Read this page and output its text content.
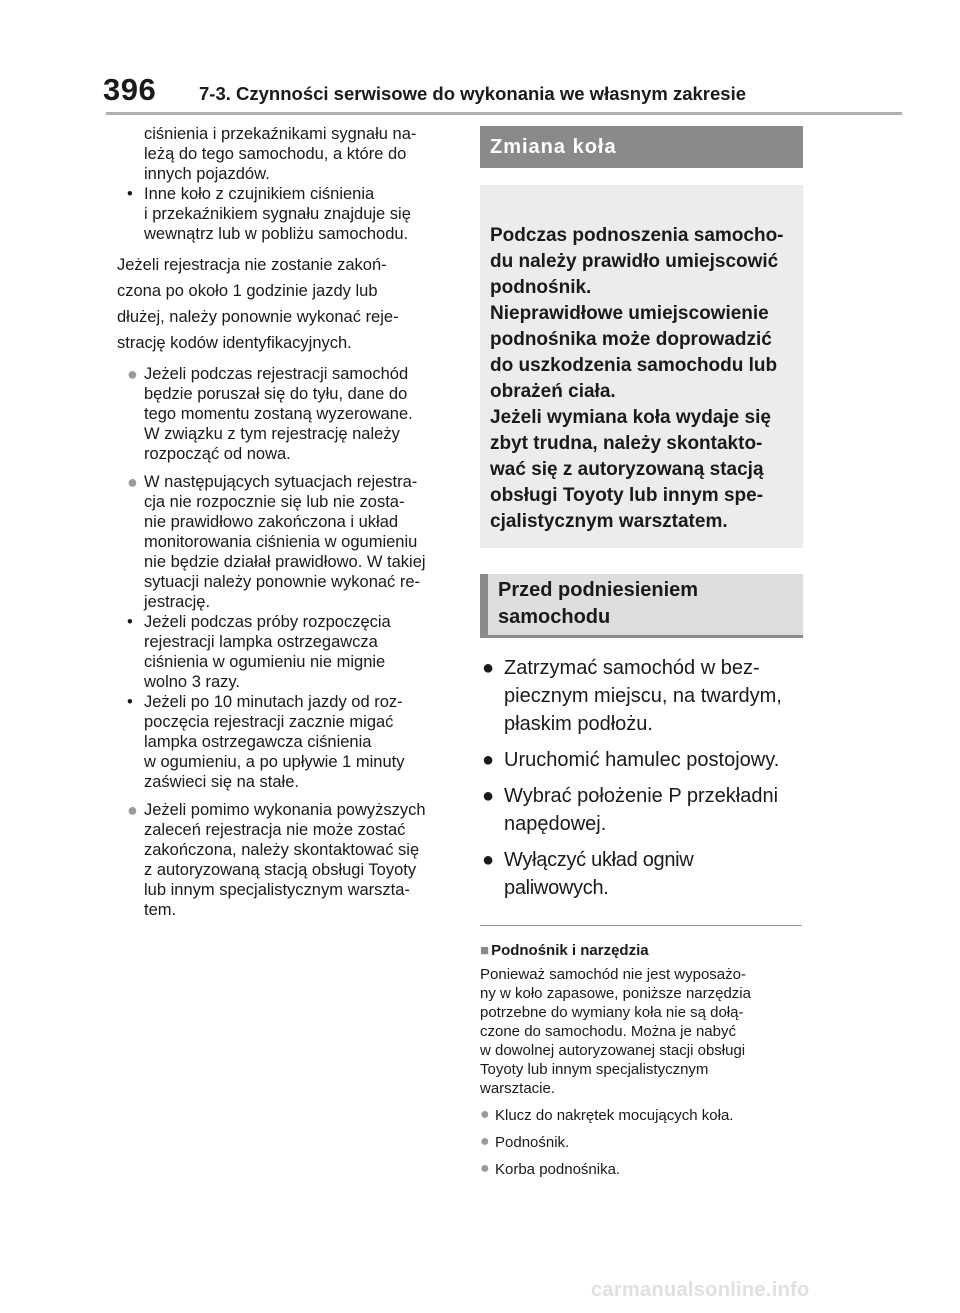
396 7-3. Czynności serwisowe do wykonania we własnym zakresie
ciśnienia i przekaźnikami sygnału na-
leżą do tego samochodu, a które do
innych pojazdów.
• Inne koło z czujnikiem ciśnienia
i przekaźnikiem sygnału znajduje się
wewnątrz lub w pobliżu samochodu.
Jeżeli rejestracja nie zostanie zakoń-
czona po około 1 godzinie jazdy lub
dłużej, należy ponownie wykonać reje-
strację kodów identyfikacyjnych.
● Jeżeli podczas rejestracji samochód
będzie poruszał się do tyłu, dane do
tego momentu zostaną wyzerowane.
W związku z tym rejestrację należy
rozpocząć od nowa.
● W następujących sytuacjach rejestra-
cja nie rozpocznie się lub nie zosta-
nie prawidłowo zakończona i układ
monitorowania ciśnienia w ogumieniu
nie będzie działał prawidłowo. W takiej
sytuacji należy ponownie wykonać re-
jestrację.
• Jeżeli podczas próby rozpoczęcia
rejestracji lampka ostrzegawcza
ciśnienia w ogumieniu nie mignie
wolno 3 razy.
• Jeżeli po 10 minutach jazdy od roz-
poczęcia rejestracji zacznie migać
lampka ostrzegawcza ciśnienia
w ogumieniu, a po upływie 1 minuty
zaświeci się na stałe.
● Jeżeli pomimo wykonania powyższych
zaleceń rejestracja nie może zostać
zakończona, należy skontaktować się
z autoryzowaną stacją obsługi Toyoty
lub innym specjalistycznym warszta-
tem.
Zmiana koła
Podczas podnoszenia samocho-
du należy prawidło umiejscowić
podnośnik.
Nieprawidłowe umiejscowienie
podnośnika może doprowadzić
do uszkodzenia samochodu lub
obrażeń ciała.
Jeżeli wymiana koła wydaje się
zbyt trudna, należy skontakto-
wać się z autoryzowaną stacją
obsługi Toyoty lub innym spe-
cjalistycznym warsztatem.
Przed podniesieniem
samochodu
● Zatrzymać samochód w bez-
piecznym miejscu, na twardym,
płaskim podłożu.
● Uruchomić hamulec postojowy.
● Wybrać położenie P przekładni
napędowej.
● Wyłączyć układ ogniw paliwowych.
■ Podnośnik i narzędzia
Ponieważ samochód nie jest wyposażo-
ny w koło zapasowe, poniższe narzędzia
potrzebne do wymiany koła nie są dołą-
czone do samochodu. Można je nabyć
w dowolnej autoryzowanej stacji obsługi
Toyoty lub innym specjalistycznym
warsztacie.
● Klucz do nakrętek mocujących koła.
● Podnośnik.
● Korba podnośnika.
carmanualsonline.info
